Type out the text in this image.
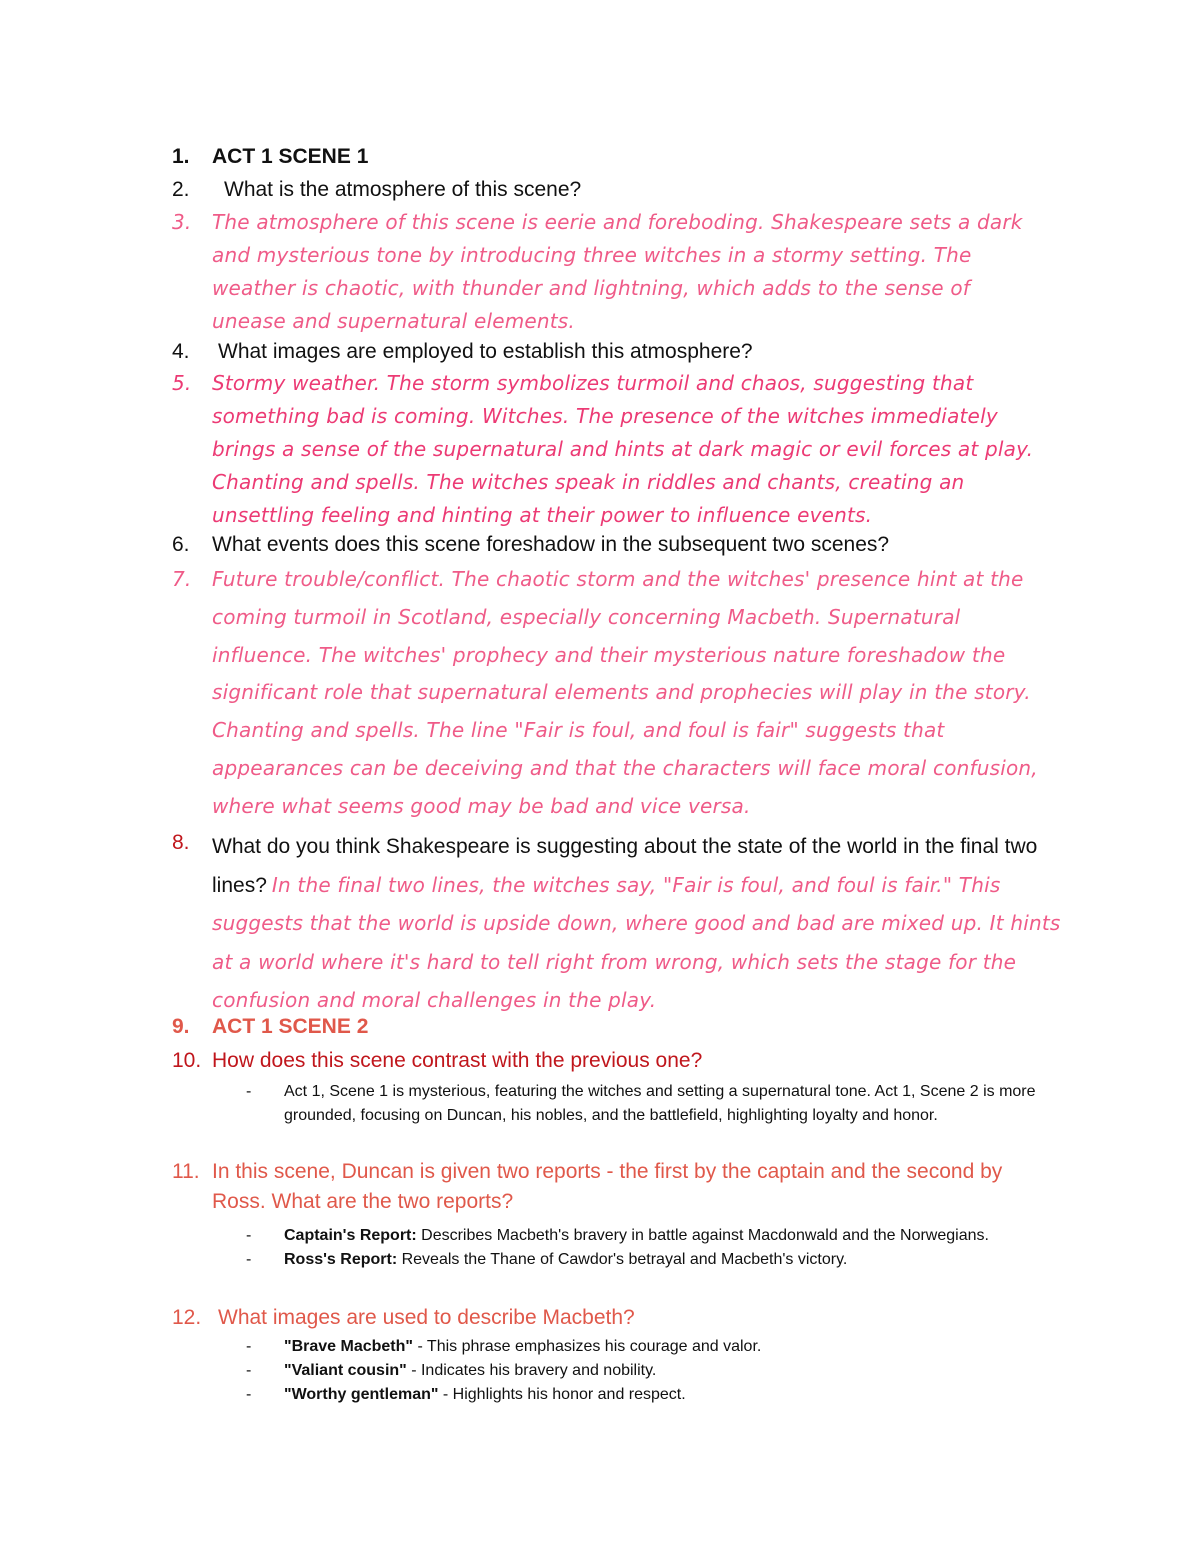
1.	ACT 1 SCENE 1
2.	What is the atmosphere of this scene?
3.	The atmosphere of this scene is eerie and foreboding. Shakespeare sets a dark and mysterious tone by introducing three witches in a stormy setting. The weather is chaotic, with thunder and lightning, which adds to the sense of unease and supernatural elements.
4.	What images are employed to establish this atmosphere?
5.	Stormy weather. The storm symbolizes turmoil and chaos, suggesting that something bad is coming. Witches. The presence of the witches immediately brings a sense of the supernatural and hints at dark magic or evil forces at play. Chanting and spells. The witches speak in riddles and chants, creating an unsettling feeling and hinting at their power to influence events.
6.	What events does this scene foreshadow in the subsequent two scenes?
7.	Future trouble/conflict. The chaotic storm and the witches' presence hint at the coming turmoil in Scotland, especially concerning Macbeth. Supernatural influence. The witches' prophecy and their mysterious nature foreshadow the significant role that supernatural elements and prophecies will play in the story. Chanting and spells. The line "Fair is foul, and foul is fair" suggests that appearances can be deceiving and that the characters will face moral confusion, where what seems good may be bad and vice versa.
8.	What do you think Shakespeare is suggesting about the state of the world in the final two lines? In the final two lines, the witches say, "Fair is foul, and foul is fair." This suggests that the world is upside down, where good and bad are mixed up. It hints at a world where it's hard to tell right from wrong, which sets the stage for the confusion and moral challenges in the play.
9.	ACT 1 SCENE 2
10. How does this scene contrast with the previous one?
- Act 1, Scene 1 is mysterious, featuring the witches and setting a supernatural tone. Act 1, Scene 2 is more grounded, focusing on Duncan, his nobles, and the battlefield, highlighting loyalty and honor.
11. In this scene, Duncan is given two reports - the first by the captain and the second by Ross. What are the two reports?
- Captain's Report: Describes Macbeth's bravery in battle against Macdonwald and the Norwegians.
- Ross's Report: Reveals the Thane of Cawdor's betrayal and Macbeth's victory.
12. What images are used to describe Macbeth?
- "Brave Macbeth" - This phrase emphasizes his courage and valor.
- "Valiant cousin" - Indicates his bravery and nobility.
- "Worthy gentleman" - Highlights his honor and respect.
